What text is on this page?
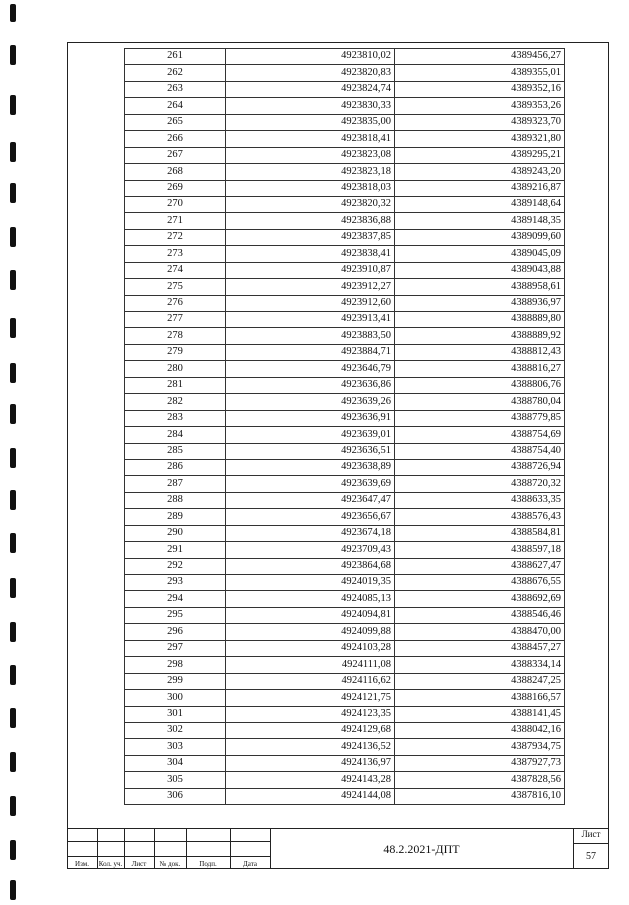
261	4923810,02	4389456,27
262	4923820,83	4389355,01
263	4923824,74	4389352,16
264	4923830,33	4389353,26
265	4923835,00	4389323,70
266	4923818,41	4389321,80
267	4923823,08	4389295,21
268	4923823,18	4389243,20
269	4923818,03	4389216,87
270	4923820,32	4389148,64
271	4923836,88	4389148,35
272	4923837,85	4389099,60
273	4923838,41	4389045,09
274	4923910,87	4389043,88
275	4923912,27	4388958,61
276	4923912,60	4388936,97
277	4923913,41	4388889,80
278	4923883,50	4388889,92
279	4923884,71	4388812,43
280	4923646,79	4388816,27
281	4923636,86	4388806,76
282	4923639,26	4388780,04
283	4923636,91	4388779,85
284	4923639,01	4388754,69
285	4923636,51	4388754,40
286	4923638,89	4388726,94
287	4923639,69	4388720,32
288	4923647,47	4388633,35
289	4923656,67	4388576,43
290	4923674,18	4388584,81
291	4923709,43	4388597,18
292	4923864,68	4388627,47
293	4924019,35	4388676,55
294	4924085,13	4388692,69
295	4924094,81	4388546,46
296	4924099,88	4388470,00
297	4924103,28	4388457,27
298	4924111,08	4388334,14
299	4924116,62	4388247,25
300	4924121,75	4388166,57
301	4924123,35	4388141,45
302	4924129,68	4388042,16
303	4924136,52	4387934,75
304	4924136,97	4387927,73
305	4924143,28	4387828,56
306	4924144,08	4387816,10
Изм.	Кол. уч.	Лист	№ док.	Подп.	Дата
48.2.2021-ДПТ
Лист
57
